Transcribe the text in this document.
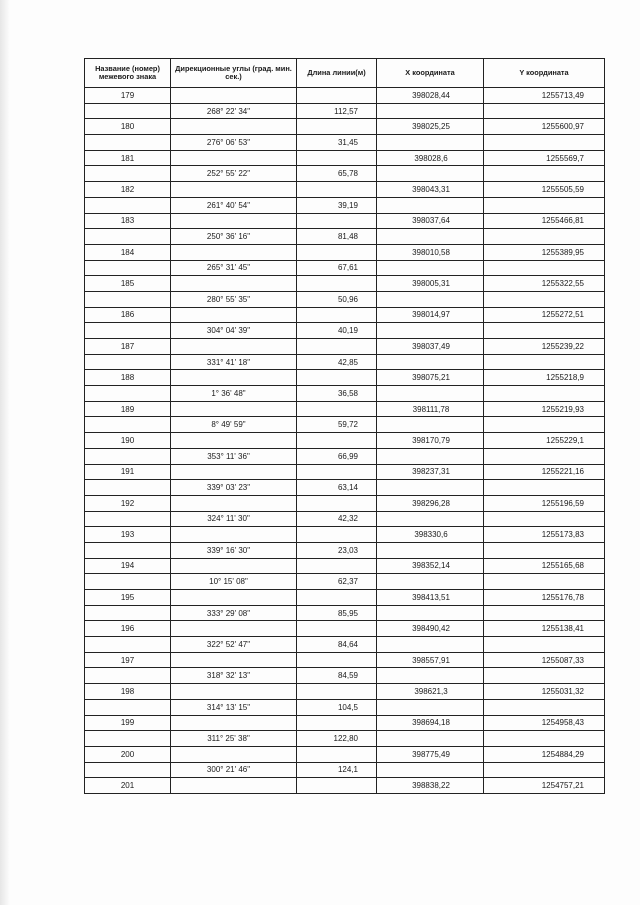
Название (номер) межевого знака	Дирекционные углы (град. мин. сек.)	Длина линии(м)	X координата	Y координата
179			398028,44	1255713,49
	268° 22' 34"	112,57		
180			398025,25	1255600,97
	276° 06' 53"	31,45		
181			398028,6	1255569,7
	252° 55' 22"	65,78		
182			398043,31	1255505,59
	261° 40' 54"	39,19		
183			398037,64	1255466,81
	250° 36' 16"	81,48		
184			398010,58	1255389,95
	265° 31' 45"	67,61		
185			398005,31	1255322,55
	280° 55' 35"	50,96		
186			398014,97	1255272,51
	304° 04' 39"	40,19		
187			398037,49	1255239,22
	331° 41' 18"	42,85		
188			398075,21	1255218,9
	1° 36' 48"	36,58		
189			398111,78	1255219,93
	8° 49' 59"	59,72		
190			398170,79	1255229,1
	353° 11' 36"	66,99		
191			398237,31	1255221,16
	339° 03' 23"	63,14		
192			398296,28	1255196,59
	324° 11' 30"	42,32		
193			398330,6	1255173,83
	339° 16' 30"	23,03		
194			398352,14	1255165,68
	10° 15' 08"	62,37		
195			398413,51	1255176,78
	333° 29' 08"	85,95		
196			398490,42	1255138,41
	322° 52' 47"	84,64		
197			398557,91	1255087,33
	318° 32' 13"	84,59		
198			398621,3	1255031,32
	314° 13' 15"	104,5		
199			398694,18	1254958,43
	311° 25' 38"	122,80		
200			398775,49	1254884,29
	300° 21' 46"	124,1		
201			398838,22	1254757,21
